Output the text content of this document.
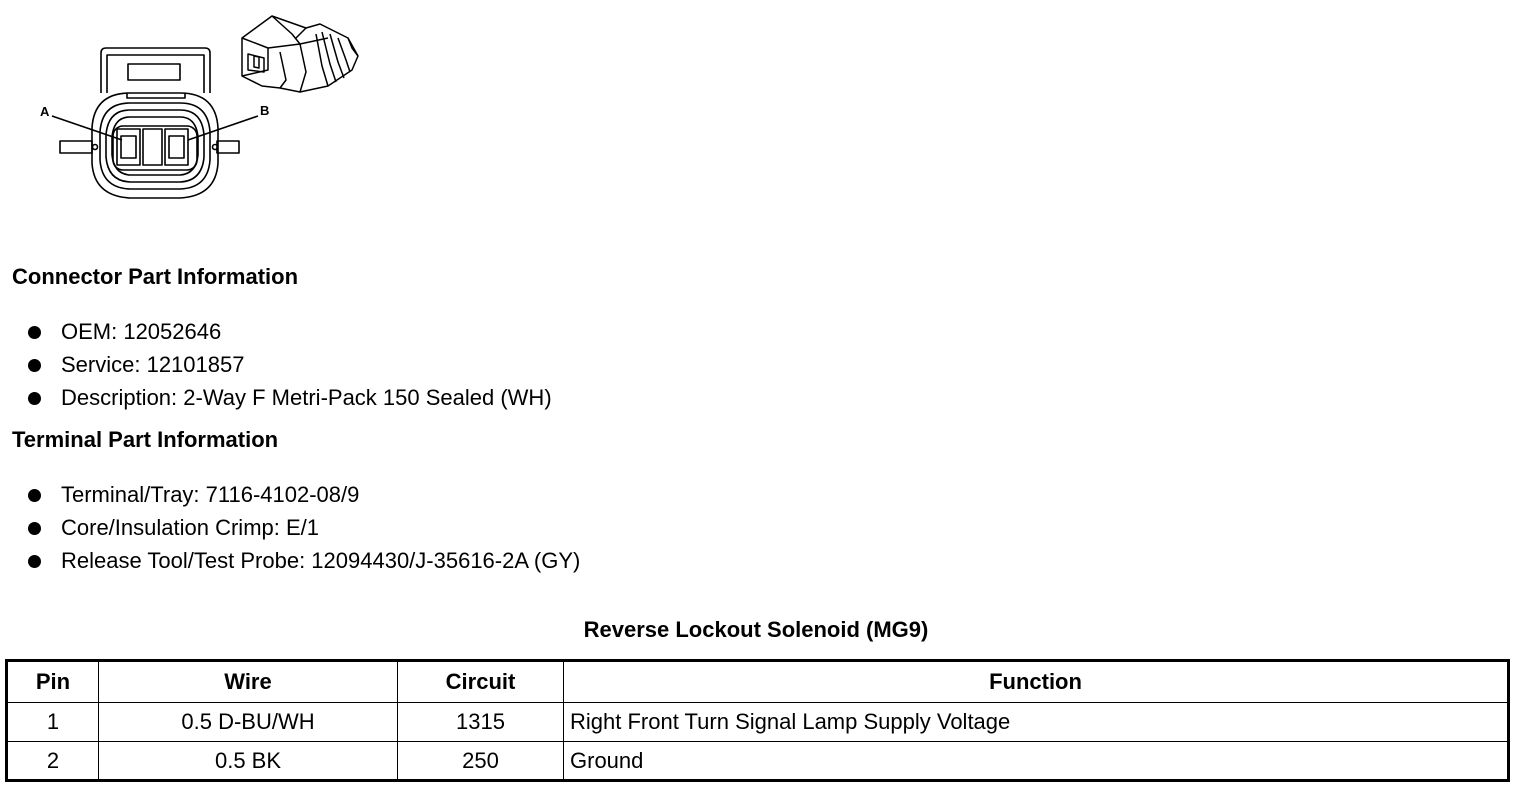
A	B
Connector Part Information
OEM: 12052646
Service: 12101857
Description: 2-Way F Metri-Pack 150 Sealed (WH)
Terminal Part Information
Terminal/Tray: 7116-4102-08/9
Core/Insulation Crimp: E/1
Release Tool/Test Probe: 12094430/J-35616-2A (GY)
Reverse Lockout Solenoid (MG9)
Pin	Wire	Circuit	Function
1	0.5 D-BU/WH	1315	Right Front Turn Signal Lamp Supply Voltage
2	0.5 BK	250	Ground
